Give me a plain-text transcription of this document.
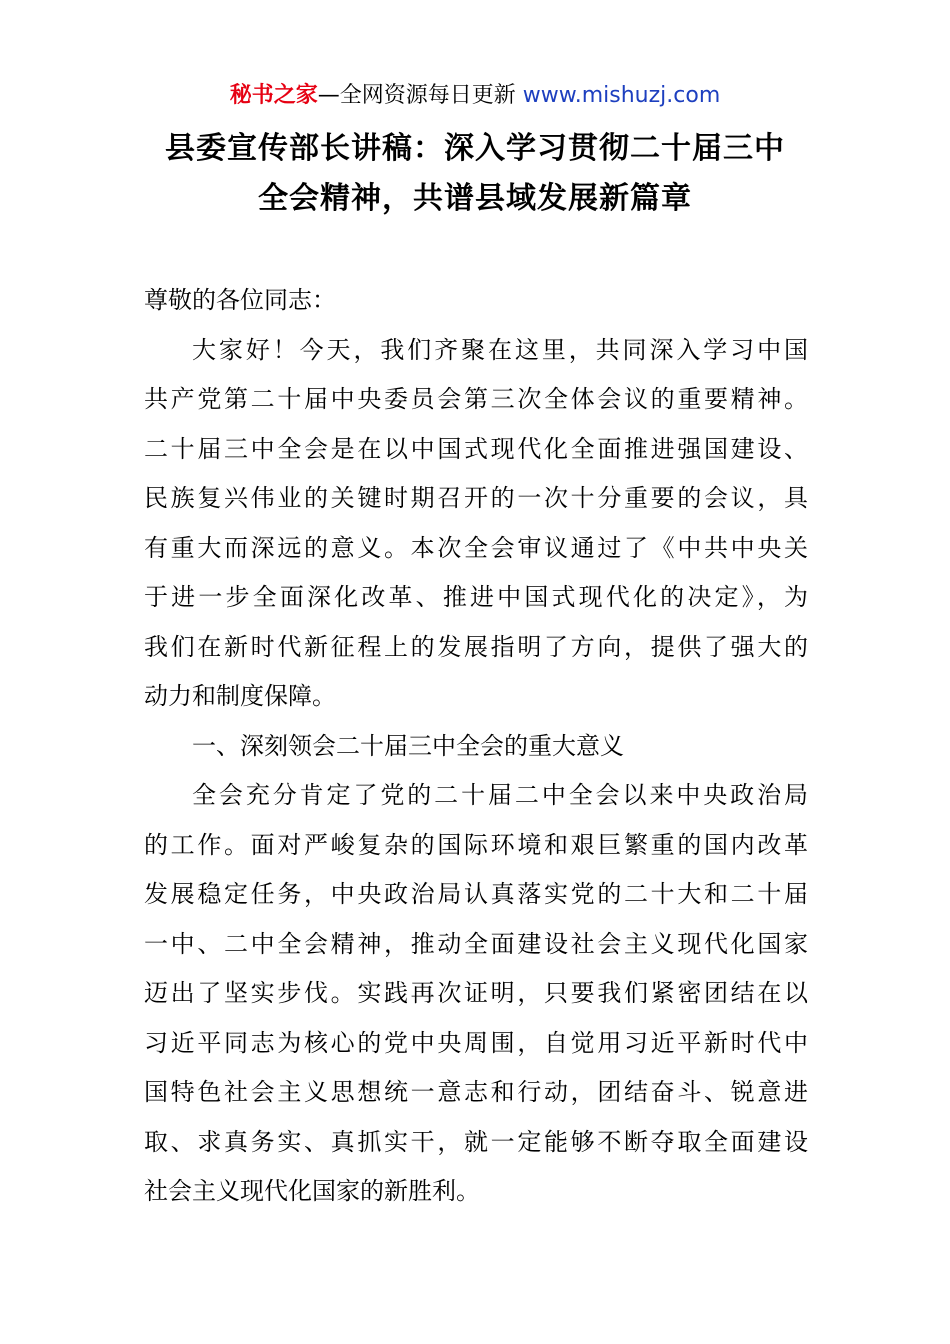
秘书之家—全网资源每日更新 www.mishuzj.com
县委宣传部长讲稿：深入学习贯彻二十届三中
全会精神，共谱县域发展新篇章

尊敬的各位同志：

大家好！今天，我们齐聚在这里，共同深入学习中国
共产党第二十届中央委员会第三次全体会议的重要精神。
二十届三中全会是在以中国式现代化全面推进强国建设、
民族复兴伟业的关键时期召开的一次十分重要的会议，具
有重大而深远的意义。本次全会审议通过了《中共中央关
于进一步全面深化改革、推进中国式现代化的决定》，为
我们在新时代新征程上的发展指明了方向，提供了强大的
动力和制度保障。

一、深刻领会二十届三中全会的重大意义

全会充分肯定了党的二十届二中全会以来中央政治局
的工作。面对严峻复杂的国际环境和艰巨繁重的国内改革
发展稳定任务，中央政治局认真落实党的二十大和二十届
一中、二中全会精神，推动全面建设社会主义现代化国家
迈出了坚实步伐。实践再次证明，只要我们紧密团结在以
习近平同志为核心的党中央周围，自觉用习近平新时代中
国特色社会主义思想统一意志和行动，团结奋斗、锐意进
取、求真务实、真抓实干，就一定能够不断夺取全面建设
社会主义现代化国家的新胜利。
